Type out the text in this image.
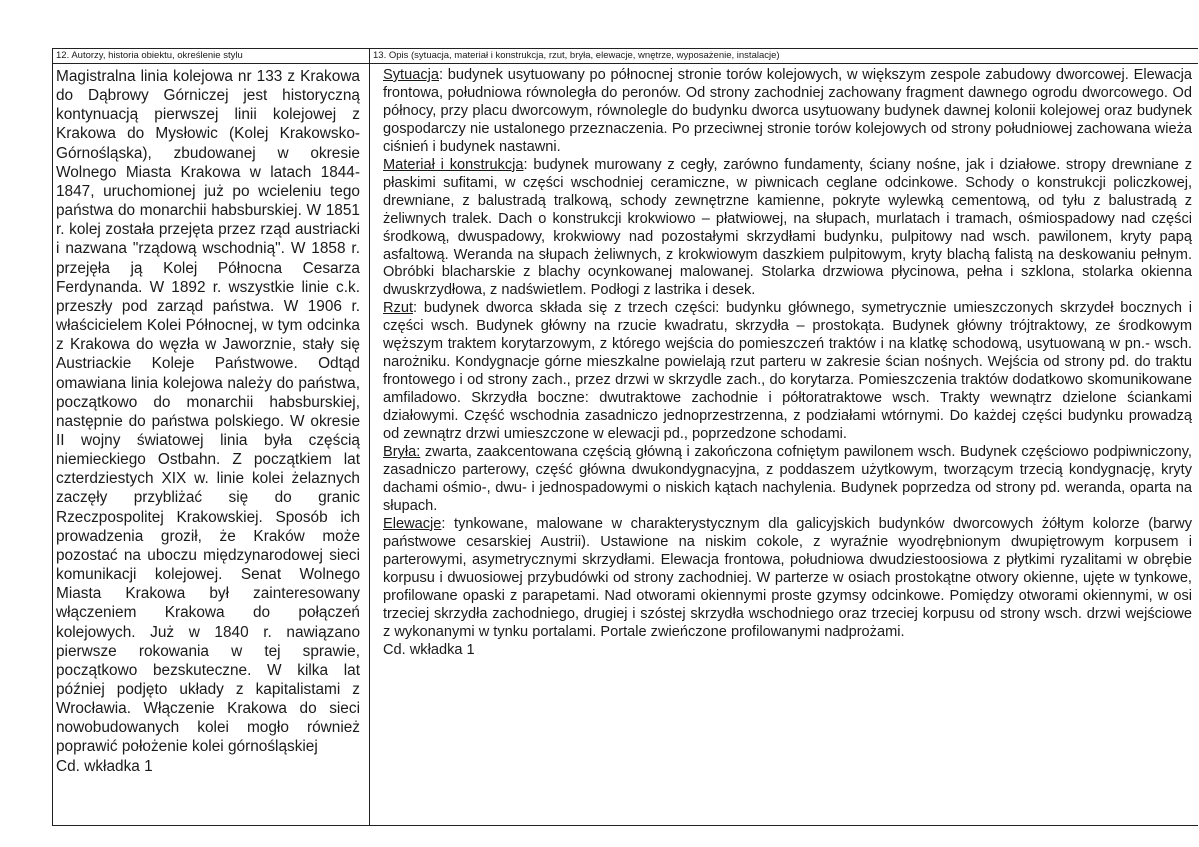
12. Autorzy, historia obiektu, określenie stylu

Magistralna linia kolejowa nr 133 z Krakowa do Dąbrowy Górniczej jest historyczną kontynuacją pierwszej linii kolejowej z Krakowa do Mysłowic (Kolej Krakowsko-Górnośląska), zbudowanej w okresie Wolnego Miasta Krakowa w latach 1844-1847, uruchomionej już po wcieleniu tego państwa do monarchii habsburskiej. W 1851 r. kolej została przejęta przez rząd austriacki i nazwana "rządową wschodnią". W 1858 r. przejęła ją Kolej Północna Cesarza Ferdynanda. W 1892 r. wszystkie linie c.k. przeszły pod zarząd państwa. W 1906 r. właścicielem Kolei Północnej, w tym odcinka z Krakowa do węzła w Jaworznie, stały się Austriackie Koleje Państwowe. Odtąd omawiana linia kolejowa należy do państwa, początkowo do monarchii habsburskiej, następnie do państwa polskiego. W okresie II wojny światowej linia była częścią niemieckiego Ostbahn. Z początkiem lat czterdziestych XIX w. linie kolei żelaznych zaczęły przybliżać się do granic Rzeczpospolitej Krakowskiej. Sposób ich prowadzenia groził, że Kraków może pozostać na uboczu międzynarodowej sieci komunikacji kolejowej. Senat Wolnego Miasta Krakowa był zainteresowany włączeniem Krakowa do połączeń kolejowych. Już w 1840 r. nawiązano pierwsze rokowania w tej sprawie, początkowo bezskuteczne. W kilka lat później podjęto układy z kapitalistami z Wrocławia. Włączenie Krakowa do sieci nowobudowanych kolei mogło również poprawić położenie kolei górnośląskiej

Cd. wkładka 1
13. Opis (sytuacja, materiał i konstrukcja, rzut, bryła, elewacje, wnętrze, wyposażenie, instalacje)

Sytuacja: budynek usytuowany po północnej stronie torów kolejowych, w większym zespole zabudowy dworcowej. Elewacja frontowa, południowa równoległa do peronów. Od strony zachodniej zachowany fragment dawnego ogrodu dworcowego. Od północy, przy placu dworcowym, równolegle do budynku dworca usytuowany budynek dawnej kolonii kolejowej oraz budynek gospodarczy nie ustalonego przeznaczenia. Po przeciwnej stronie torów kolejowych od strony południowej zachowana wieża ciśnień i budynek nastawni.

Materiał i konstrukcja: budynek murowany z cegły, zarówno fundamenty, ściany nośne, jak i działowe. stropy drewniane z płaskimi sufitami, w części wschodniej ceramiczne, w piwnicach ceglane odcinkowe. Schody o konstrukcji policzkowej, drewniane, z balustradą tralkową, schody zewnętrzne kamienne, pokryte wylewką cementową, od tyłu z balustradą z żeliwnych tralek. Dach o konstrukcji krokwiowo – płatwiowej, na słupach, murlatach i tramach, ośmiospadowy nad części środkową, dwuspadowy, krokwiowy nad pozostałymi skrzydłami budynku, pulpitowy nad wsch. pawilonem, kryty papą asfaltową. Weranda na słupach żeliwnych, z krokwiowym daszkiem pulpitowym, kryty blachą falistą na deskowaniu pełnym. Obróbki blacharskie z blachy ocynkowanej malowanej. Stolarka drzwiowa płycinowa, pełna i szklona, stolarka okienna dwuskrzydłowa, z nadświetlem. Podłogi z lastrika i desek.

Rzut: budynek dworca składa się z trzech części: budynku głównego, symetrycznie umieszczonych skrzydeł bocznych i części wsch. Budynek główny na rzucie kwadratu, skrzydła – prostokąta. Budynek główny trójtraktowy, ze środkowym węższym traktem korytarzowym, z którego wejścia do pomieszczeń traktów i na klatkę schodową, usytuowaną w pn.- wsch. narożniku. Kondygnacje górne mieszkalne powielają rzut parteru w zakresie ścian nośnych. Wejścia od strony pd. do traktu frontowego i od strony zach., przez drzwi w skrzydle zach., do korytarza. Pomieszczenia traktów dodatkowo skomunikowane amfiladowo. Skrzydła boczne: dwutraktowe zachodnie i półtoratraktowe wsch. Trakty wewnątrz dzielone ściankami działowymi. Część wschodnia zasadniczo jednoprzestrzenna, z podziałami wtórnymi. Do każdej części budynku prowadzą od zewnątrz drzwi umieszczone w elewacji pd., poprzedzone schodami.

Bryła: zwarta, zaakcentowana częścią główną i zakończona cofniętym pawilonem wsch. Budynek częściowo podpiwniczony, zasadniczo parterowy, część główna dwukondygnacyjna, z poddaszem użytkowym, tworzącym trzecią kondygnację, kryty dachami ośmio-, dwu- i jednospadowymi o niskich kątach nachylenia. Budynek poprzedza od strony pd. weranda, oparta na słupach.

Elewacje: tynkowane, malowane w charakterystycznym dla galicyjskich budynków dworcowych żółtym kolorze (barwy państwowe cesarskiej Austrii). Ustawione na niskim cokole, z wyraźnie wyodrębnionym dwupiętrowym korpusem i parterowymi, asymetrycznymi skrzydłami. Elewacja frontowa, południowa dwudziestoosiowa z płytkimi ryzalitami w obrębie korpusu i dwuosiowej przybudówki od strony zachodniej. W parterze w osiach prostokątne otwory okienne, ujęte w tynkowe, profilowane opaski z parapetami. Nad otworami okiennymi proste gzymsy odcinkowe. Pomiędzy otworami okiennymi, w osi trzeciej skrzydła zachodniego, drugiej i szóstej skrzydła wschodniego oraz trzeciej korpusu od strony wsch. drzwi wejściowe z wykonanymi w tynku portalami. Portale zwieńczone profilowanymi nadprożami.

Cd. wkładka 1
